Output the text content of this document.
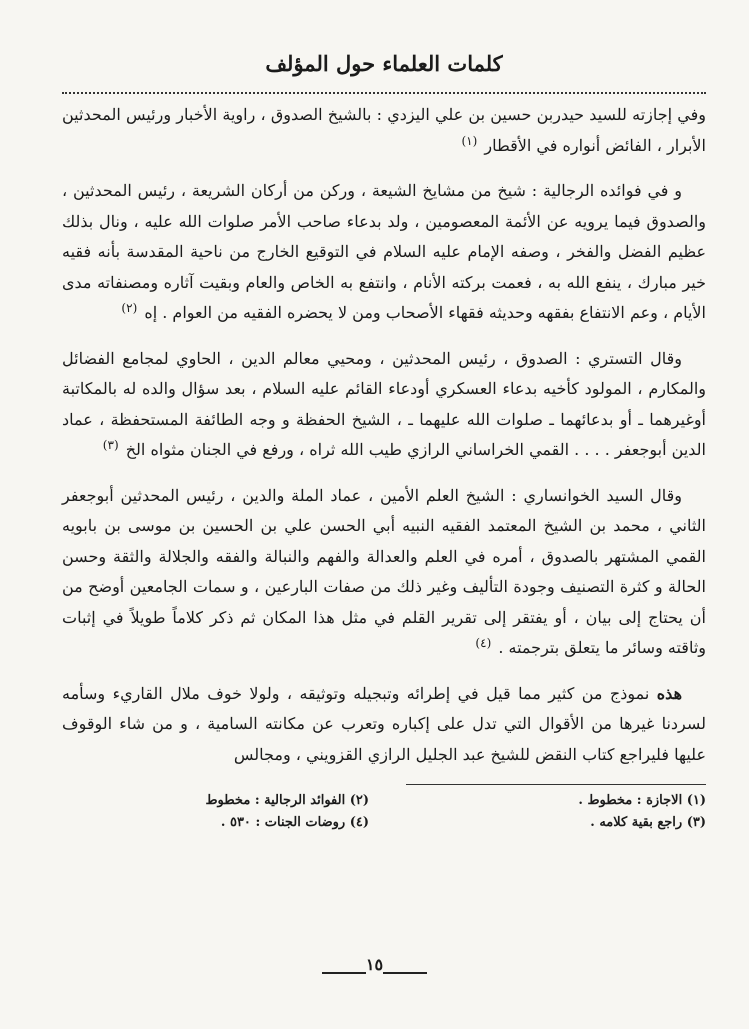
كلمات العلماء حول المؤلف

وفي إجازته للسيد حيدربن حسين بن علي اليزدي : بالشيخ الصدوق ، راوية الأخبار ورئيس المحدثين الأبرار ، الفائض أنواره في الأقطار $^{(١)}$

و في فوائده الرجالية : شيخ من مشايخ الشيعة ، وركن من أركان الشريعة ، رئيس المحدثين ، والصدوق فيما يرويه عن الأئمة المعصومين ، ولد بدعاء صاحب الأمر صلوات الله عليه ، ونال بذلك عظيم الفضل والفخر ، وصفه الإمام عليه السلام في التوقيع الخارج من ناحية المقدسة بأنه فقيه خير مبارك ، ينفع الله به ، فعمت بركته الأنام ، وانتفع به الخاص والعام وبقيت آثاره ومصنفاته مدى الأيام ، وعم الانتفاع بفقهه وحديثه فقهاء الأصحاب ومن لا يحضره الفقيه من العوام . إه $^{(٢)}$

وقال التستري : الصدوق ، رئيس المحدثين ، ومحيي معالم الدين ، الحاوي لمجامع الفضائل والمكارم ، المولود كأخيه بدعاء العسكري أودعاء القائم عليه السلام ، بعد سؤال والده له بالمكاتبة أوغيرهما ـ أو بدعائهما ـ صلوات الله عليهما ـ ، الشيخ الحفظة و وجه الطائفة المستحفظة ، عماد الدين أبوجعفر . . . . القمي الخراساني الرازي طيب الله ثراه ، ورفع في الجنان مثواه الخ $^{(٣)}$

وقال السيد الخوانساري : الشيخ العلم الأمين ، عماد الملة والدين ، رئيس المحدثين أبوجعفر الثاني ، محمد بن الشيخ المعتمد الفقيه النبيه أبي الحسن علي بن الحسين بن موسى بن بابويه القمي المشتهر بالصدوق ، أمره في العلم والعدالة والفهم والنبالة والفقه والجلالة والثقة وحسن الحالة و كثرة التصنيف وجودة التأليف وغير ذلك من صفات البارعين ، و سمات الجامعين أوضح من أن يحتاج إلى بيان ، أو يفتقر إلى تقرير القلم في مثل هذا المكان ثم ذكر كلاماً طويلاً في إثبات وثاقته وسائر ما يتعلق بترجمته . $^{(٤)}$

هذه نموذج من كثير مما قيل في إطرائه وتبجيله وتوثيقه ، ولولا خوف ملال القاريء وسأمه لسردنا غيرها من الأقوال التي تدل على إكباره وتعرب عن مكانته السامية ، و من شاء الوقوف عليها فليراجع كتاب النقض للشيخ عبد الجليل الرازي القزويني ، ومجالس

(١) الاجازة : مخطوط .
(٢) الفوائد الرجالية : مخطوط
(٣) راجع بقية كلامه .
(٤) روضات الجنات : ٥٣٠ .
١٥
